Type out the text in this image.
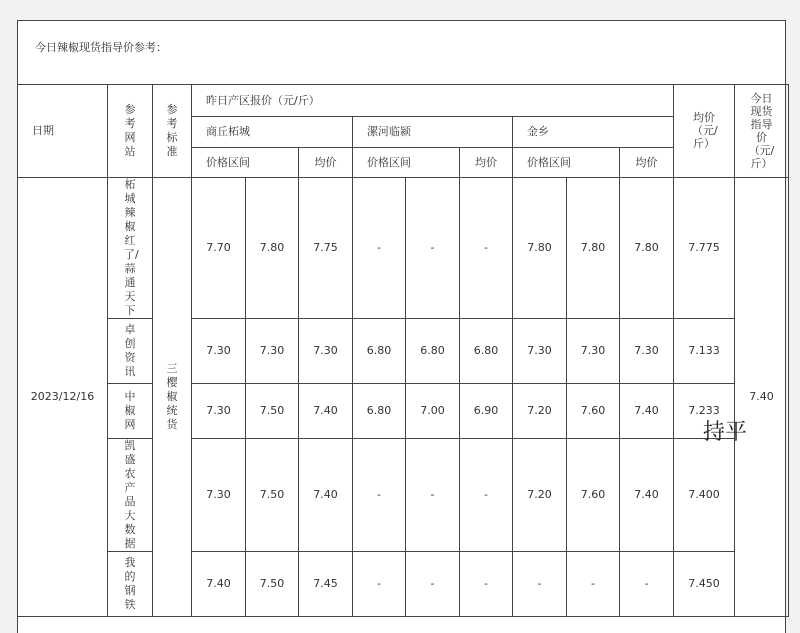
今日辣椒现货指导价参考：
日期	参考网站	参考标准	昨日产区报价（元/斤）									均价（元/斤）	今日现货指导价（元/斤）
			商丘柘城			漯河临颍			金乡				
			价格区间		均价	价格区间		均价	价格区间		均价		
2023/12/16	柘城辣椒红了/蒜通天下	三樱椒统货	7.70	7.80	7.75	-	-	-	7.80	7.80	7.80	7.775	7.40
	卓创资讯		7.30	7.30	7.30	6.80	6.80	6.80	7.30	7.30	7.30	7.133	
	中椒网		7.30	7.50	7.40	6.80	7.00	6.90	7.20	7.60	7.40	7.233	
	凯盛农产品大数据		7.30	7.50	7.40	-	-	-	7.20	7.60	7.40	7.400	
	我的钢铁		7.40	7.50	7.45	-	-	-	-	-	-	7.450	
持平
